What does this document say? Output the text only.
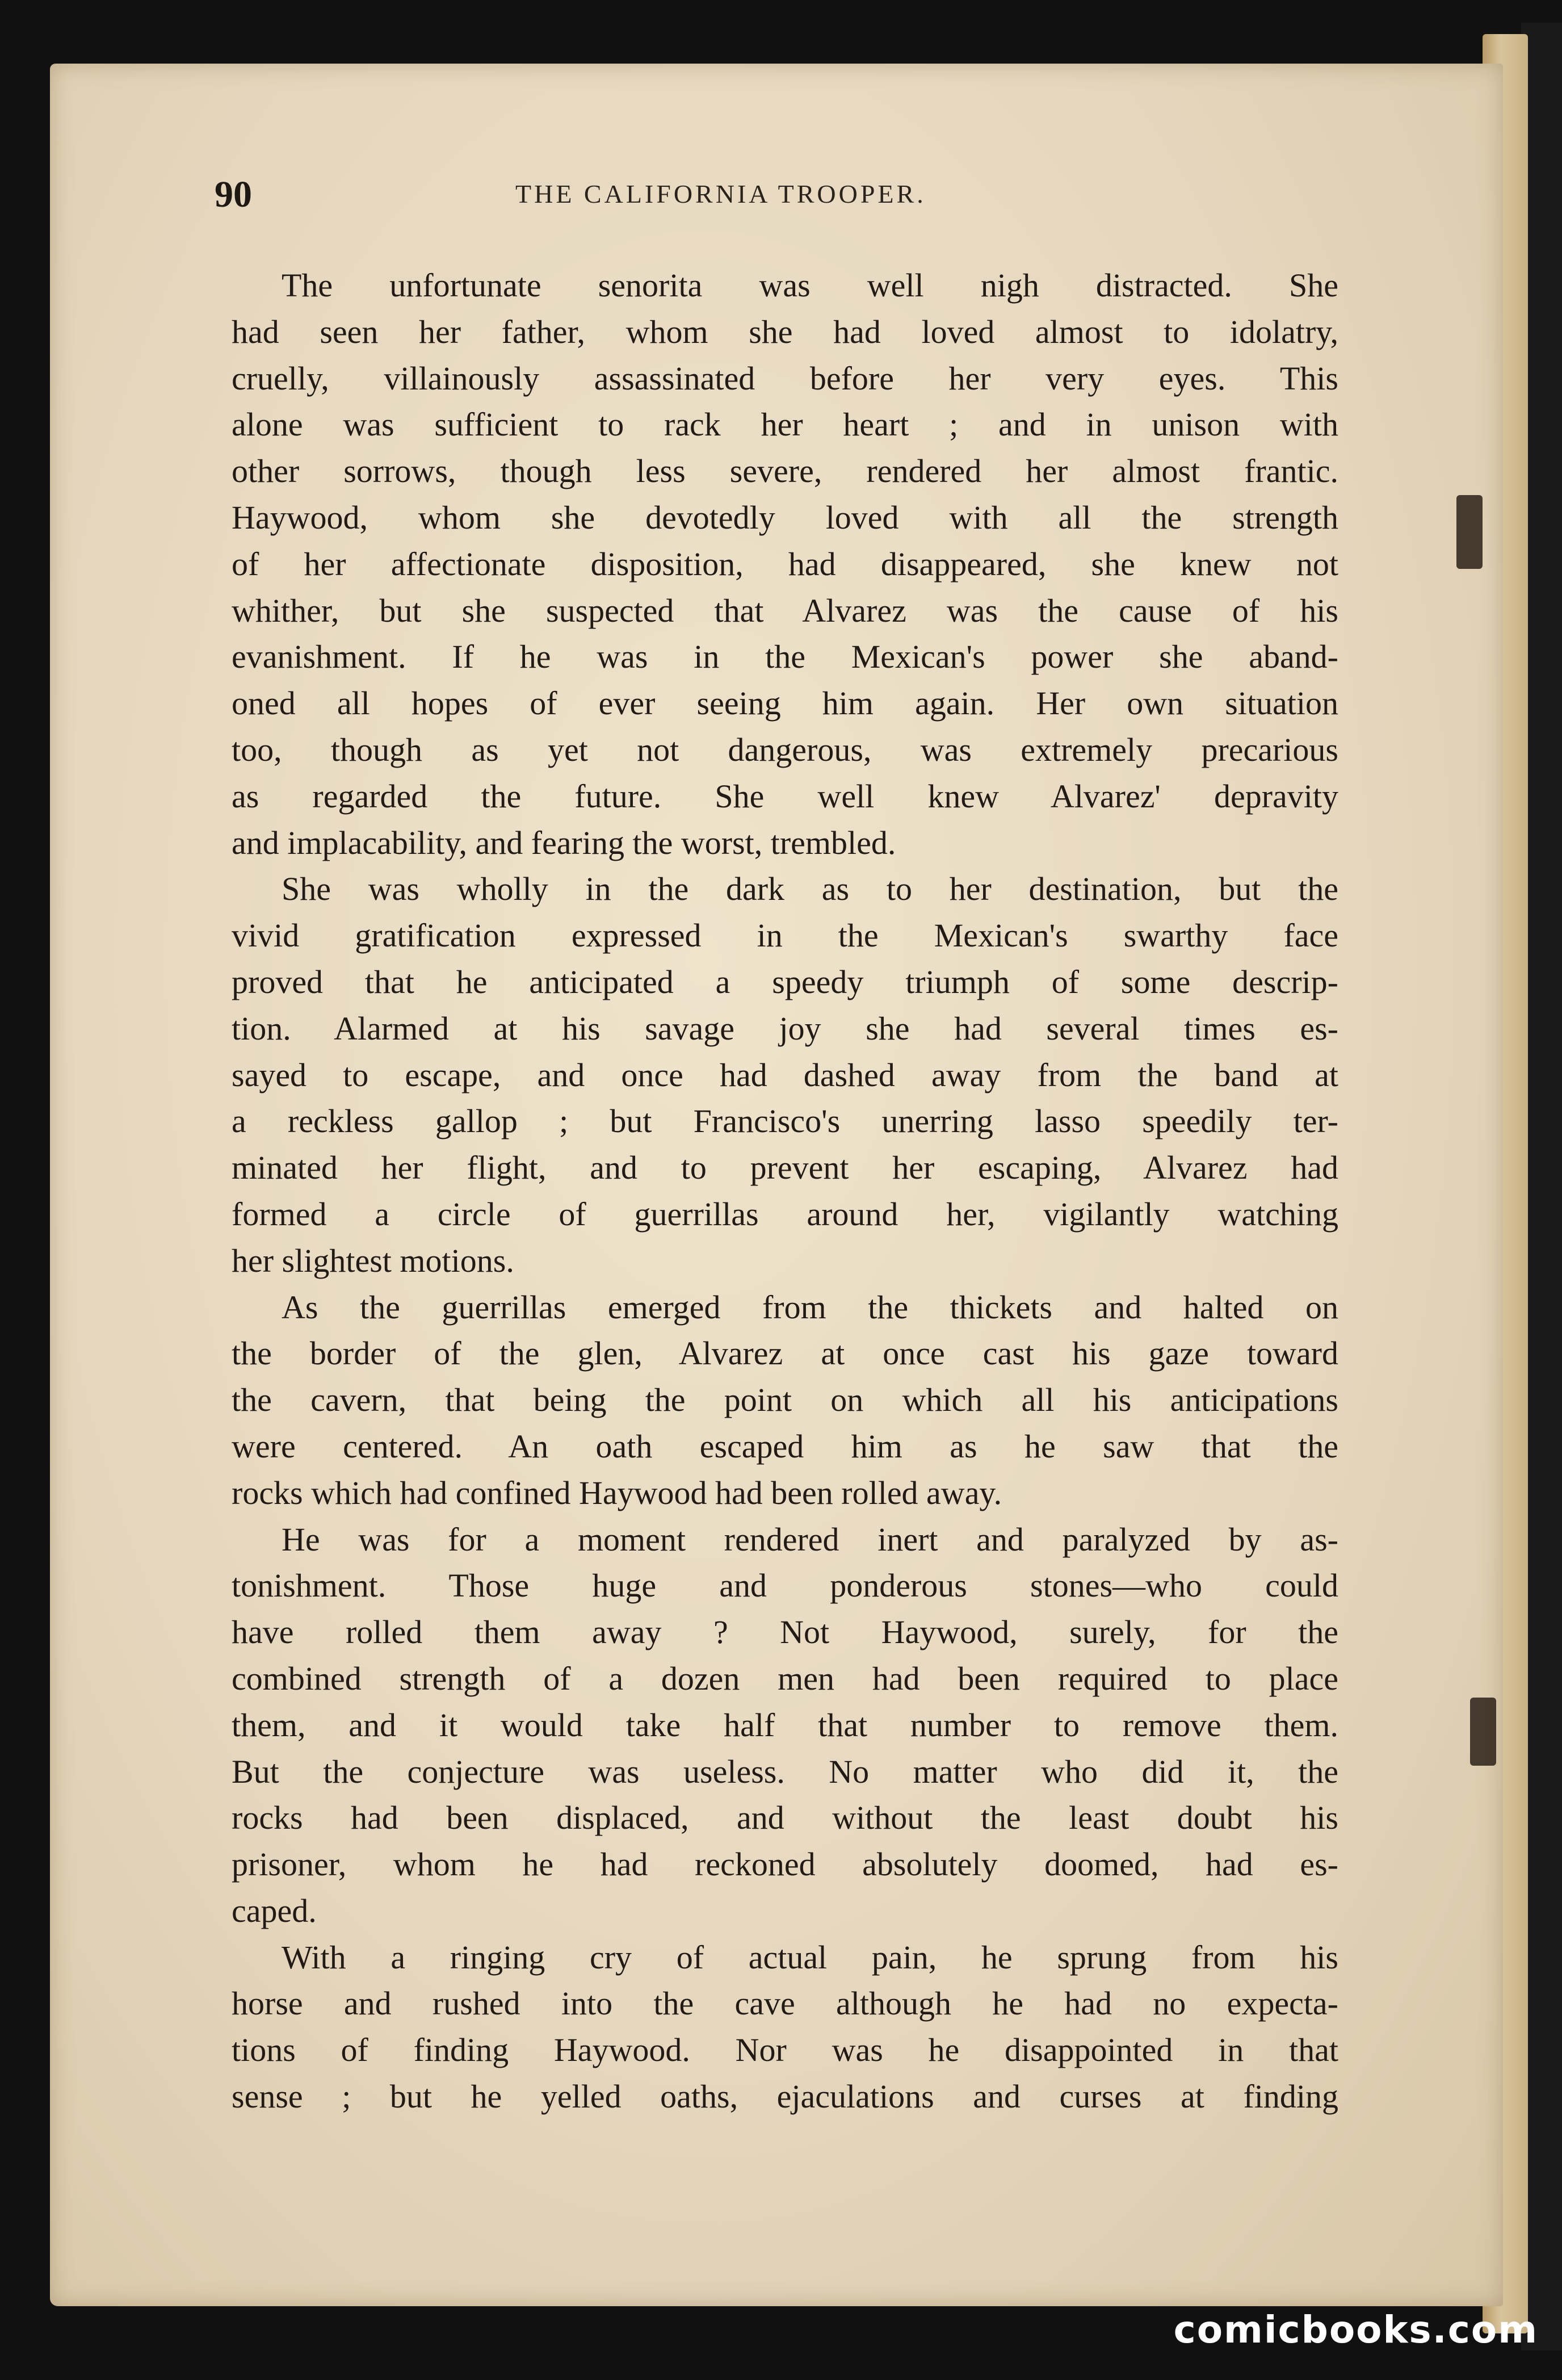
90	THE CALIFORNIA TROOPER.
The unfortunate senorita was well nigh distracted. She
had seen her father, whom she had loved almost to idolatry,
cruelly, villainously assassinated before her very eyes. This
alone was sufficient to rack her heart ; and in unison with
other sorrows, though less severe, rendered her almost frantic.
Haywood, whom she devotedly loved with all the strength
of her affectionate disposition, had disappeared, she knew not
whither, but she suspected that Alvarez was the cause of his
evanishment. If he was in the Mexican's power she aband-
oned all hopes of ever seeing him again. Her own situation
too, though as yet not dangerous, was extremely precarious
as regarded the future. She well knew Alvarez' depravity
and implacability, and fearing the worst, trembled.
She was wholly in the dark as to her destination, but the
vivid gratification expressed in the Mexican's swarthy face
proved that he anticipated a speedy triumph of some descrip-
tion. Alarmed at his savage joy she had several times es-
sayed to escape, and once had dashed away from the band at
a reckless gallop ; but Francisco's unerring lasso speedily ter-
minated her flight, and to prevent her escaping, Alvarez had
formed a circle of guerrillas around her, vigilantly watching
her slightest motions.
As the guerrillas emerged from the thickets and halted on
the border of the glen, Alvarez at once cast his gaze toward
the cavern, that being the point on which all his anticipations
were centered. An oath escaped him as he saw that the
rocks which had confined Haywood had been rolled away.
He was for a moment rendered inert and paralyzed by as-
tonishment. Those huge and ponderous stones—who could
have rolled them away ? Not Haywood, surely, for the
combined strength of a dozen men had been required to place
them, and it would take half that number to remove them.
But the conjecture was useless. No matter who did it, the
rocks had been displaced, and without the least doubt his
prisoner, whom he had reckoned absolutely doomed, had es-
caped.
With a ringing cry of actual pain, he sprung from his
horse and rushed into the cave although he had no expecta-
tions of finding Haywood. Nor was he disappointed in that
sense ; but he yelled oaths, ejaculations and curses at finding
comicbooks.com
